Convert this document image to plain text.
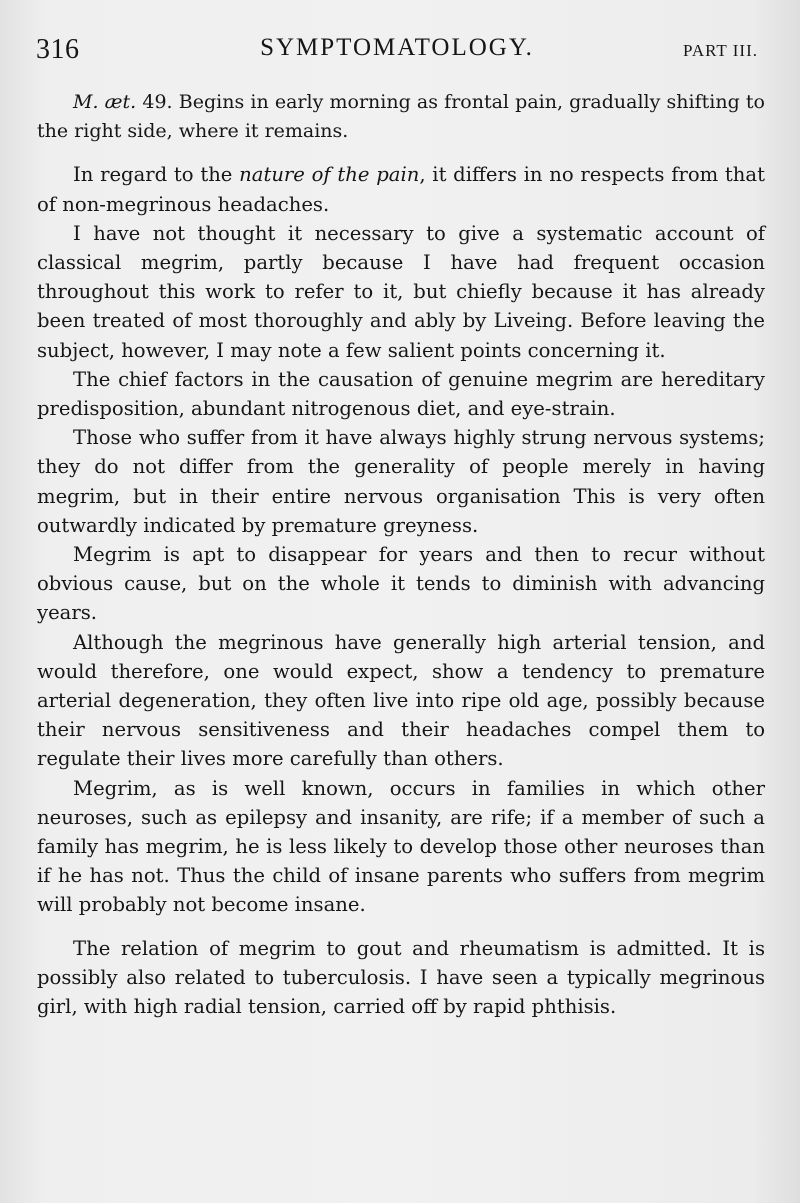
316	SYMPTOMATOLOGY.	PART III.

M. æt. 49. Begins in early morning as frontal pain, gradually shifting to the right side, where it remains.

In regard to the nature of the pain, it differs in no respects from that of non-megrinous headaches.

I have not thought it necessary to give a systematic account of classical megrim, partly because I have had frequent occasion throughout this work to refer to it, but chiefly because it has already been treated of most thoroughly and ably by Liveing. Before leaving the subject, however, I may note a few salient points concerning it.

The chief factors in the causation of genuine megrim are hereditary predisposition, abundant nitrogenous diet, and eye-strain.

Those who suffer from it have always highly strung nervous systems; they do not differ from the generality of people merely in having megrim, but in their entire nervous organisation This is very often outwardly indicated by premature greyness.

Megrim is apt to disappear for years and then to recur without obvious cause, but on the whole it tends to diminish with advancing years.

Although the megrinous have generally high arterial tension, and would therefore, one would expect, show a tendency to premature arterial degeneration, they often live into ripe old age, possibly because their nervous sensitiveness and their headaches compel them to regulate their lives more carefully than others.

Megrim, as is well known, occurs in families in which other neuroses, such as epilepsy and insanity, are rife; if a member of such a family has megrim, he is less likely to develop those other neuroses than if he has not. Thus the child of insane parents who suffers from megrim will probably not become insane.

The relation of megrim to gout and rheumatism is admitted. It is possibly also related to tuberculosis. I have seen a typically megrinous girl, with high radial tension, carried off by rapid phthisis.
